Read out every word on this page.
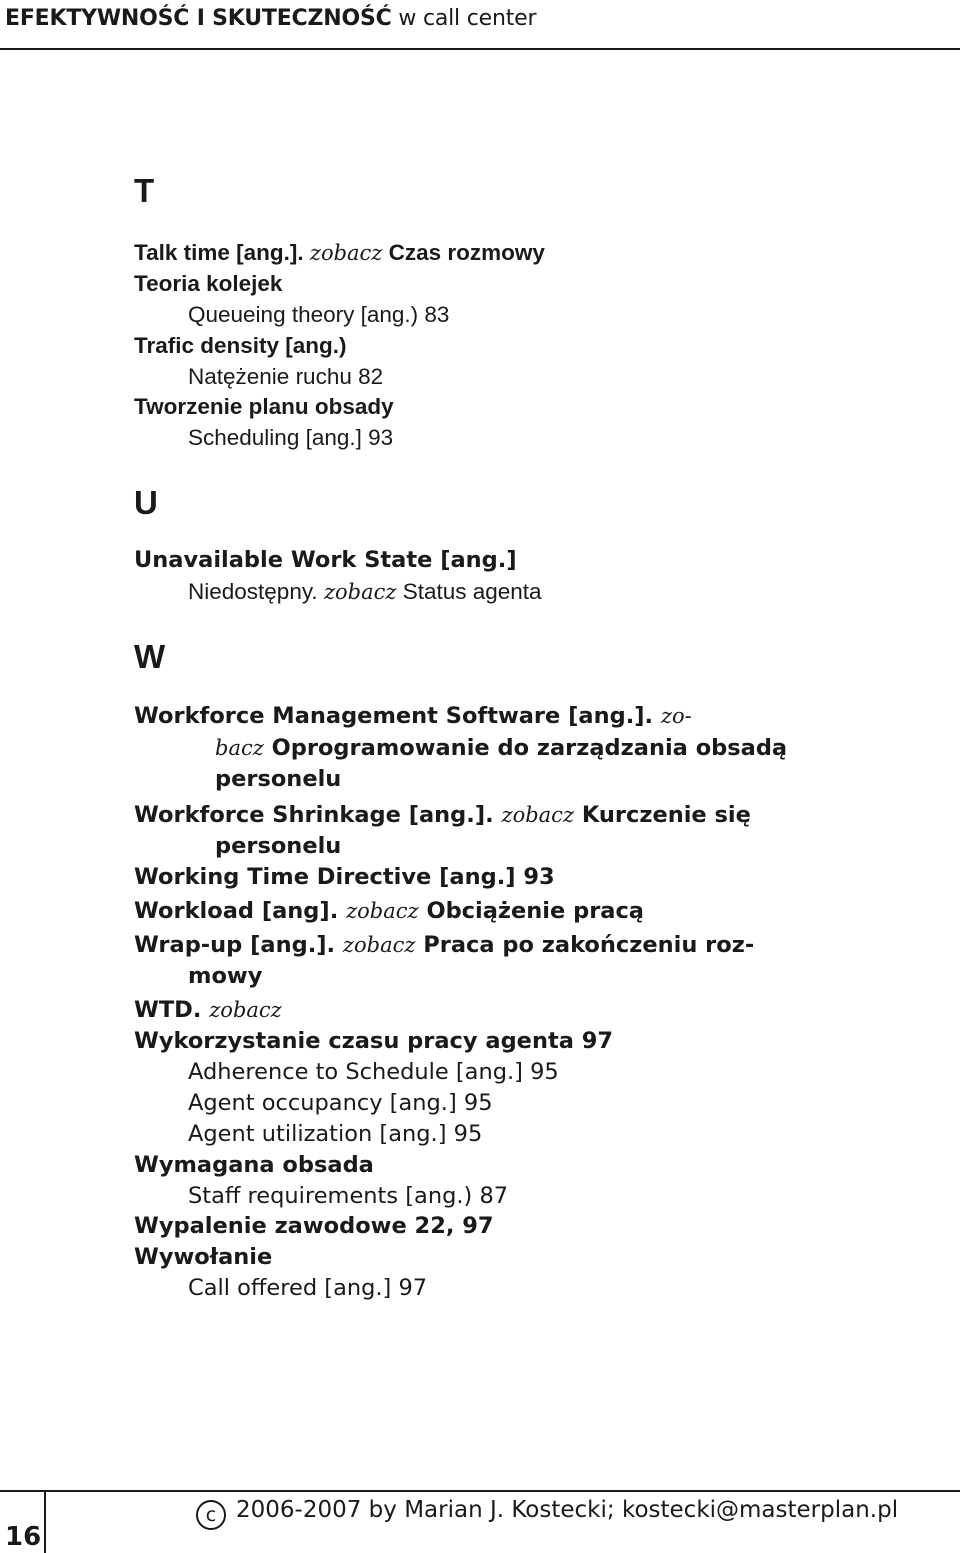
EFEKTYWNOŚĆ I SKUTECZNOŚĆ w call center
T
Talk time [ang.]. zobacz Czas rozmowy
Teoria kolejek
Queueing theory [ang.) 83
Trafic density [ang.)
Natężenie ruchu 82
Tworzenie planu obsady
Scheduling [ang.] 93
U
Unavailable Work State [ang.]
Niedostępny. zobacz Status agenta
W
Workforce Management Software [ang.]. zo-
bacz Oprogramowanie do zarządzania obsadą
personelu
Workforce Shrinkage [ang.]. zobacz Kurczenie się
personelu
Working Time Directive [ang.] 93
Workload [ang]. zobacz Obciążenie pracą
Wrap-up [ang.]. zobacz Praca po zakończeniu roz-
mowy
WTD. zobacz
Wykorzystanie czasu pracy agenta 97
Adherence to Schedule [ang.] 95
Agent occupancy [ang.] 95
Agent utilization [ang.] 95
Wymagana obsada
Staff requirements [ang.) 87
Wypalenie zawodowe 22, 97
Wywołanie
Call offered [ang.] 97
16
c 2006-2007 by Marian J. Kostecki; kostecki@masterplan.pl
